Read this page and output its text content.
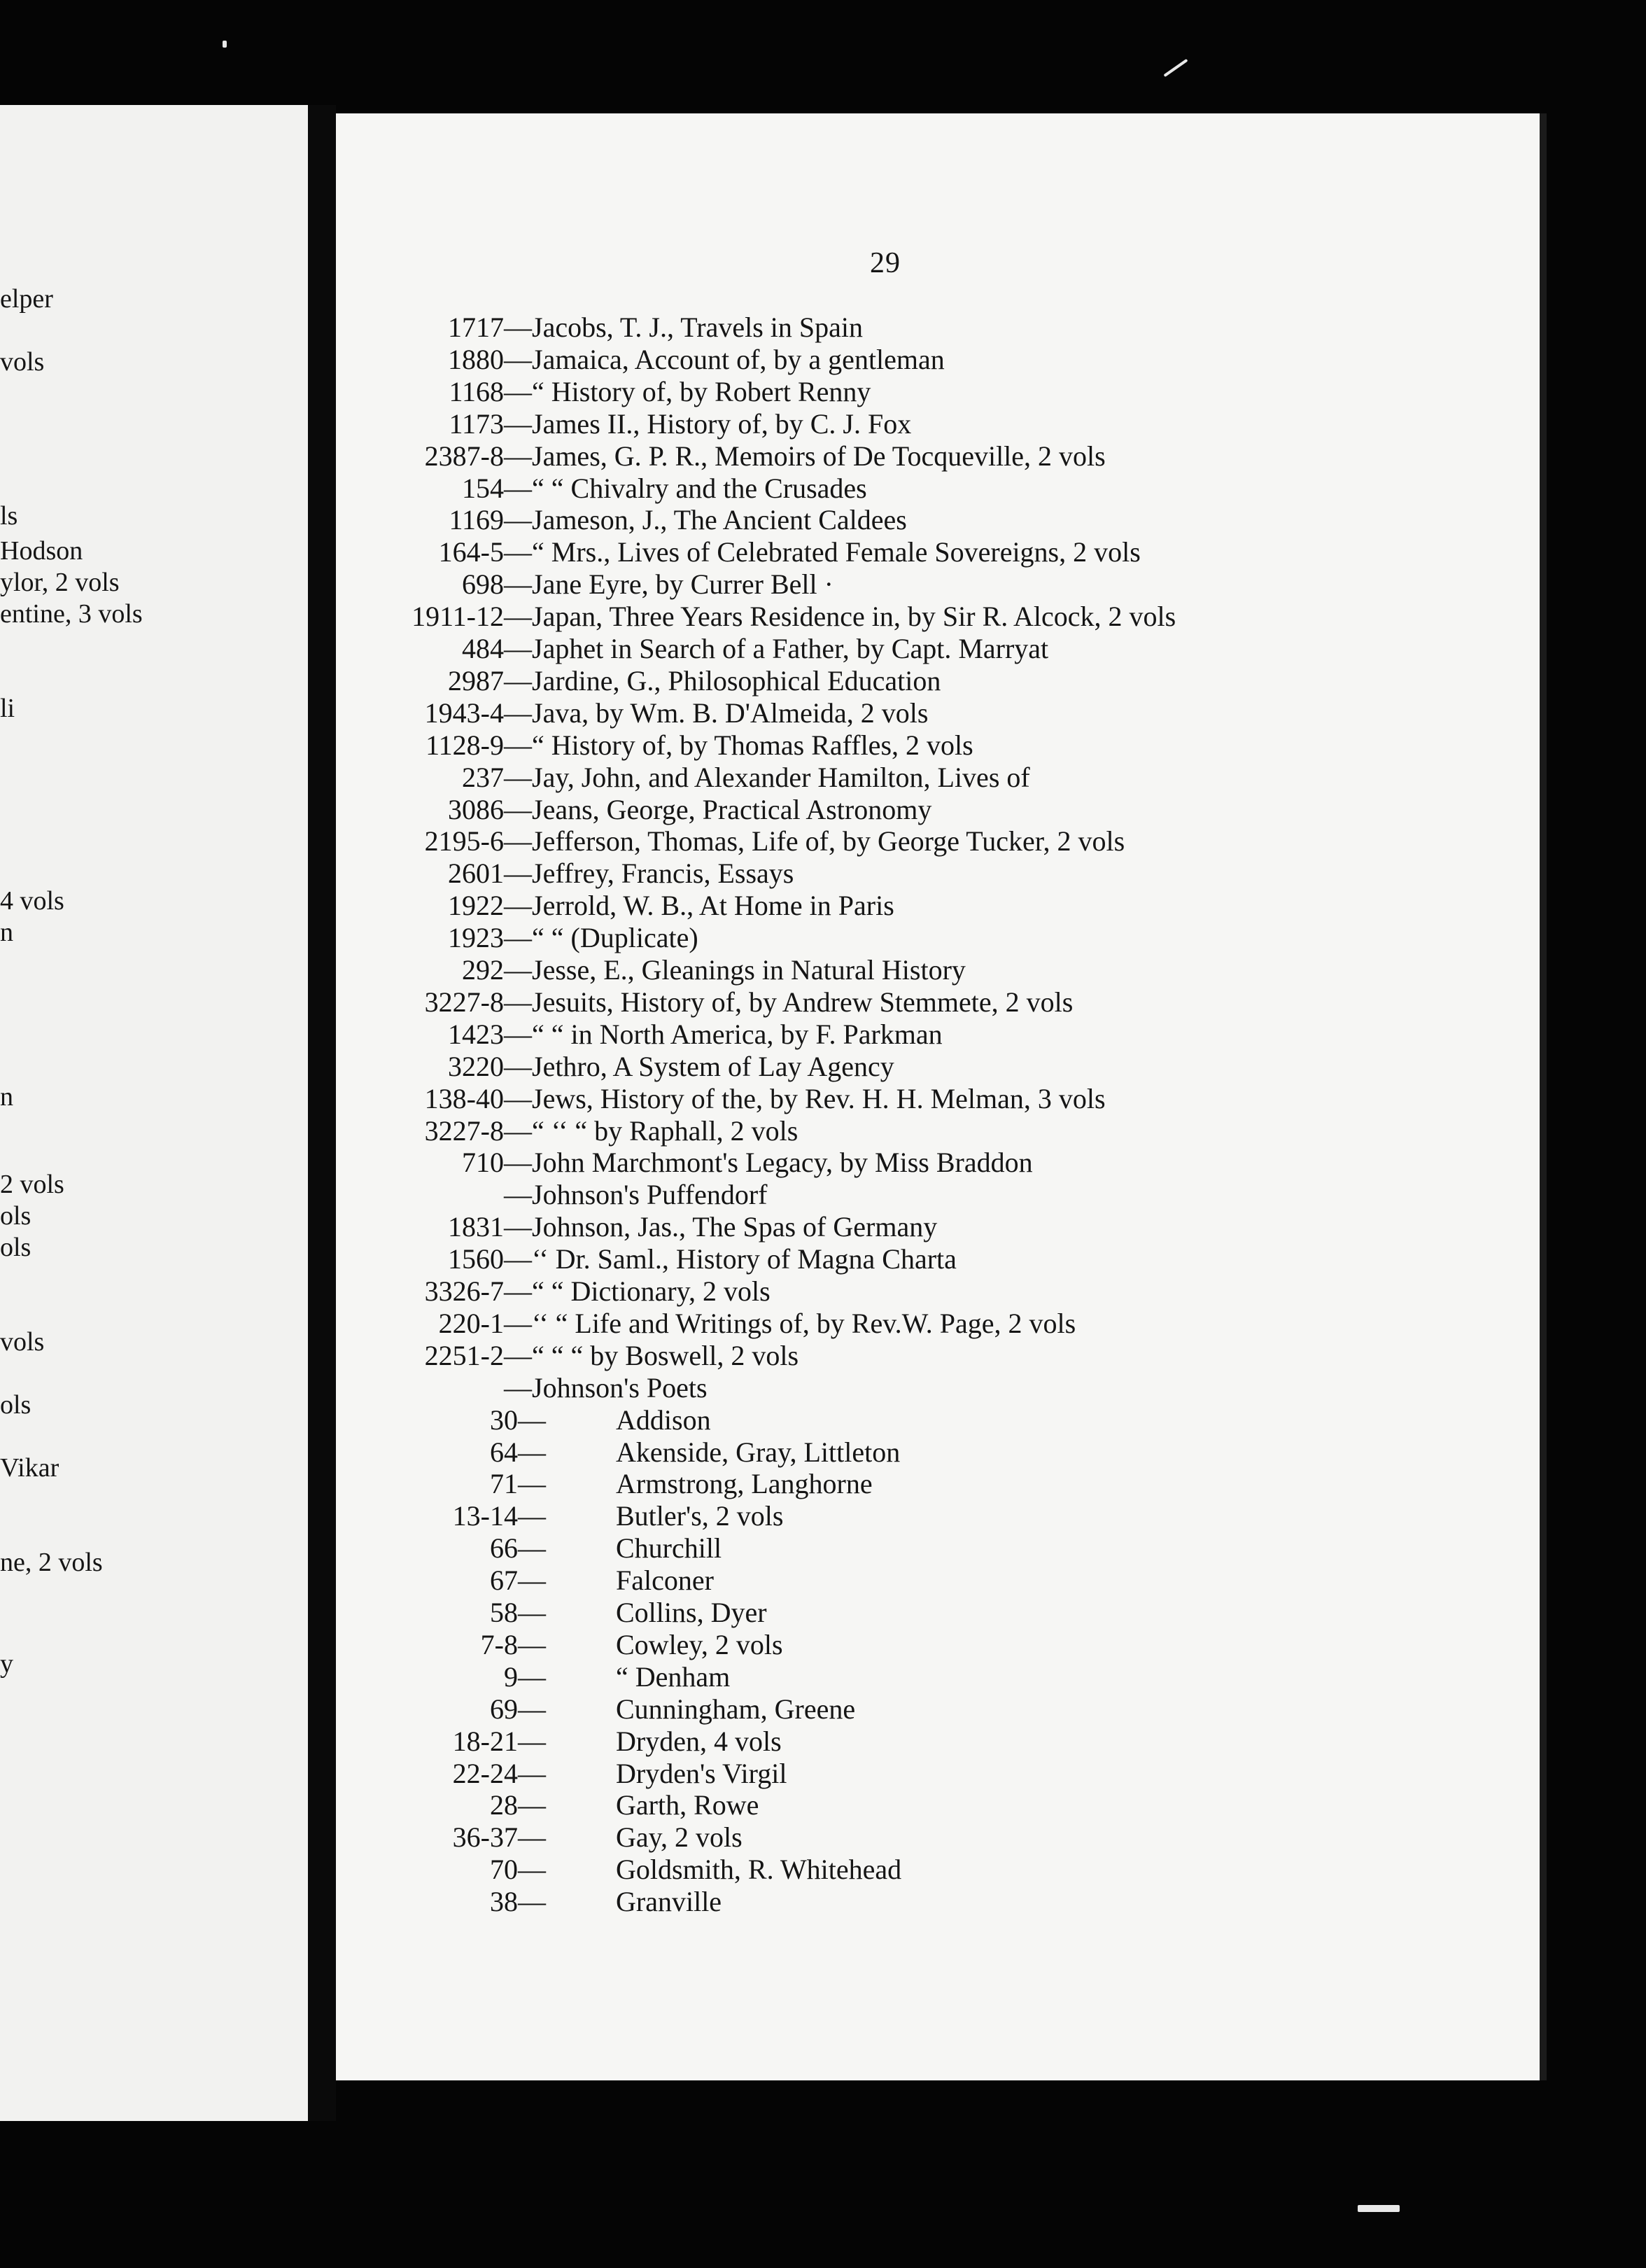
elper
vols
ls
Hodson
ylor, 2 vols
entine, 3 vols
li
4 vols
n
n
2 vols
ols
ols
vols
ols
Vikar
ne, 2 vols
y
29
1717— Jacobs, T. J., Travels in Spain
1880— Jamaica, Account of, by a gentleman
1168— “ History of, by Robert Renny
1173— James II., History of, by C. J. Fox
2387-8— James, G. P. R., Memoirs of De Tocqueville, 2 vols
154— “ “ Chivalry and the Crusades
1169— Jameson, J., The Ancient Caldees
164-5— “ Mrs., Lives of Celebrated Female Sovereigns, 2 vols
698— Jane Eyre, by Currer Bell ·
1911-12— Japan, Three Years Residence in, by Sir R. Alcock, 2 vols
484— Japhet in Search of a Father, by Capt. Marryat
2987— Jardine, G., Philosophical Education
1943-4— Java, by Wm. B. D'Almeida, 2 vols
1128-9— “ History of, by Thomas Raffles, 2 vols
237— Jay, John, and Alexander Hamilton, Lives of
3086— Jeans, George, Practical Astronomy
2195-6— Jefferson, Thomas, Life of, by George Tucker, 2 vols
2601— Jeffrey, Francis, Essays
1922— Jerrold, W. B., At Home in Paris
1923— “ “ (Duplicate)
292— Jesse, E., Gleanings in Natural History
3227-8— Jesuits, History of, by Andrew Stemmete, 2 vols
1423— “ “ in North America, by F. Parkman
3220— Jethro, A System of Lay Agency
138-40— Jews, History of the, by Rev. H. H. Melman, 3 vols
3227-8— “ ‘‘ “ by Raphall, 2 vols
710— John Marchmont's Legacy, by Miss Braddon
— Johnson's Puffendorf
1831— Johnson, Jas., The Spas of Germany
1560— ‘‘ Dr. Saml., History of Magna Charta
3326-7— “ “ Dictionary, 2 vols
220-1— ‘‘ “ Life and Writings of, by Rev.W. Page, 2 vols
2251-2— “ “ “ by Boswell, 2 vols
— Johnson's Poets
30—	Addison
64—	Akenside, Gray, Littleton
71—	Armstrong, Langhorne
13-14—	Butler's, 2 vols
66—	Churchill
67—	Falconer
58—	Collins, Dyer
7-8—	Cowley, 2 vols
9—	“ Denham
69—	Cunningham, Greene
18-21—	Dryden, 4 vols
22-24—	Dryden's Virgil
28—	Garth, Rowe
36-37—	Gay, 2 vols
70—	Goldsmith, R. Whitehead
38—	Granville
